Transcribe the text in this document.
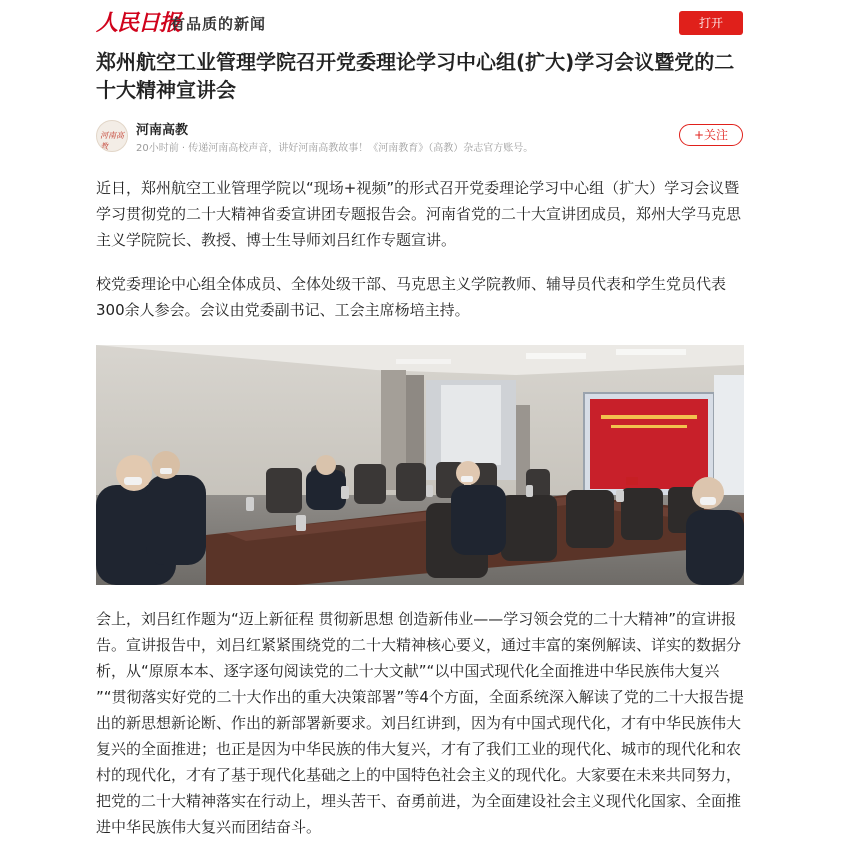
人民日报
有品质的新闻	打开
郑州航空工业管理学院召开党委理论学习中心组(扩大)学习会议暨党的二十大精神宣讲会
河南高教
河南高教
20小时前 · 传递河南高校声音，讲好河南高教故事！《河南教育》（高教）杂志官方账号。
+关注

近日，郑州航空工业管理学院以“现场+视频”的形式召开党委理论学习中心组（扩大）学习会议暨学习贯彻党的二十大精神省委宣讲团专题报告会。河南省党的二十大宣讲团成员，郑州大学马克思主义学院院长、教授、博士生导师刘吕红作专题宣讲。

校党委理论中心组全体成员、全体处级干部、马克思主义学院教师、辅导员代表和学生党员代表300余人参会。会议由党委副书记、工会主席杨培主持。

会上，刘吕红作题为“迈上新征程 贯彻新思想 创造新伟业——学习领会党的二十大精神”的宣讲报告。宣讲报告中，刘吕红紧紧围绕党的二十大精神核心要义，通过丰富的案例解读、详实的数据分析，从“原原本本、逐字逐句阅读党的二十大文献”“以中国式现代化全面推进中华民族伟大复兴 ”“贯彻落实好党的二十大作出的重大决策部署”等4个方面，全面系统深入解读了党的二十大报告提出的新思想新论断、作出的新部署新要求。刘吕红讲到，因为有中国式现代化，才有中华民族伟大复兴的全面推进；也正是因为中华民族的伟大复兴，才有了我们工业的现代化、城市的现代化和农村的现代化，才有了基于现代化基础之上的中国特色社会主义的现代化。大家要在未来共同努力，把党的二十大精神落实在行动上，埋头苦干、奋勇前进，为全面建设社会主义现代化国家、全面推进中华民族伟大复兴而团结奋斗。
